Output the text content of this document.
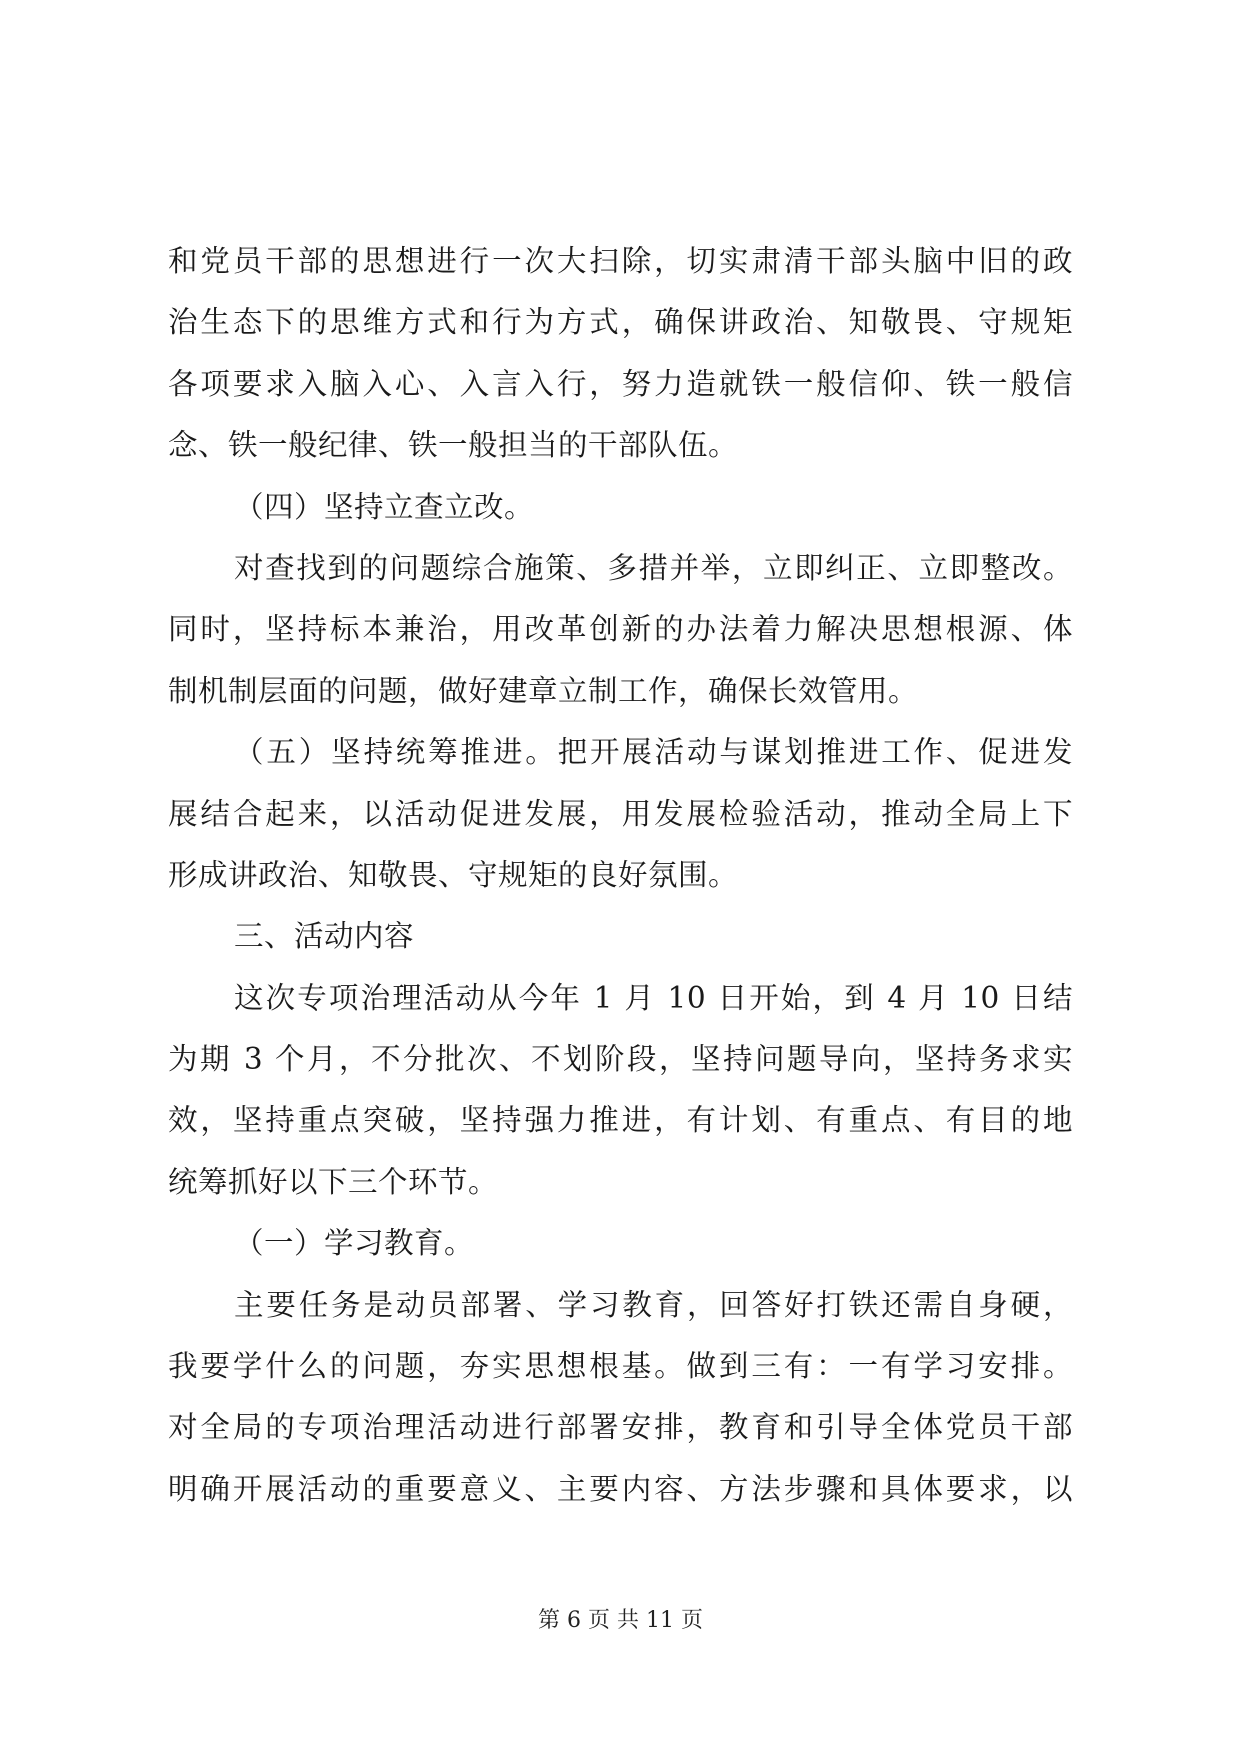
和党员干部的思想进行一次大扫除，切实肃清干部头脑中旧的政
治生态下的思维方式和行为方式，确保讲政治、知敬畏、守规矩
各项要求入脑入心、入言入行，努力造就铁一般信仰、铁一般信
念、铁一般纪律、铁一般担当的干部队伍。
（四）坚持立查立改。
对查找到的问题综合施策、多措并举，立即纠正、立即整改。
同时，坚持标本兼治，用改革创新的办法着力解决思想根源、体
制机制层面的问题，做好建章立制工作，确保长效管用。
（五）坚持统筹推进。把开展活动与谋划推进工作、促进发
展结合起来，以活动促进发展，用发展检验活动，推动全局上下
形成讲政治、知敬畏、守规矩的良好氛围。
三、活动内容
这次专项治理活动从今年 1 月 10 日开始，到 4 月 10 日结
为期 3 个月，不分批次、不划阶段，坚持问题导向，坚持务求实
效，坚持重点突破，坚持强力推进，有计划、有重点、有目的地
统筹抓好以下三个环节。
（一）学习教育。
主要任务是动员部署、学习教育，回答好打铁还需自身硬，
我要学什么的问题，夯实思想根基。做到三有：一有学习安排。
对全局的专项治理活动进行部署安排，教育和引导全体党员干部
明确开展活动的重要意义、主要内容、方法步骤和具体要求，以
第 6 页 共 11 页
